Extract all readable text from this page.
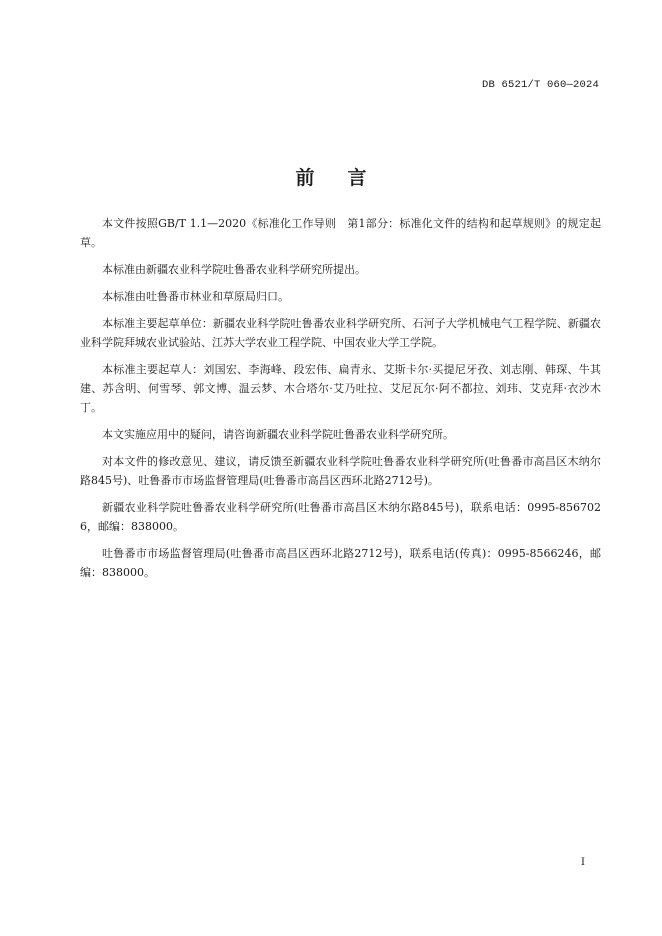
DB 6521/T 060—2024
前 言

本文件按照GB/T 1.1—2020《标准化工作导则　第1部分：标准化文件的结构和起草规则》的规定起草。

本标准由新疆农业科学院吐鲁番农业科学研究所提出。

本标准由吐鲁番市林业和草原局归口。

本标准主要起草单位：新疆农业科学院吐鲁番农业科学研究所、石河子大学机械电气工程学院、新疆农业科学院拜城农业试验站、江苏大学农业工程学院、中国农业大学工学院。

本标准主要起草人：刘国宏、李海峰、段宏伟、扁青永、艾斯卡尔·买提尼牙孜、刘志刚、韩琛、牛其建、苏含明、何雪琴、郭文博、温云梦、木合塔尔·艾乃吐拉、艾尼瓦尔·阿不都拉、刘玮、艾克拜·衣沙木丁。

本文实施应用中的疑问，请咨询新疆农业科学院吐鲁番农业科学研究所。

对本文件的修改意见、建议，请反馈至新疆农业科学院吐鲁番农业科学研究所(吐鲁番市高昌区木纳尔路845号)、吐鲁番市市场监督管理局(吐鲁番市高昌区西环北路2712号)。

新疆农业科学院吐鲁番农业科学研究所(吐鲁番市高昌区木纳尔路845号)，联系电话：0995-8567026，邮编：838000。

吐鲁番市市场监督管理局(吐鲁番市高昌区西环北路2712号)，联系电话(传真)：0995-8566246，邮编：838000。

I
